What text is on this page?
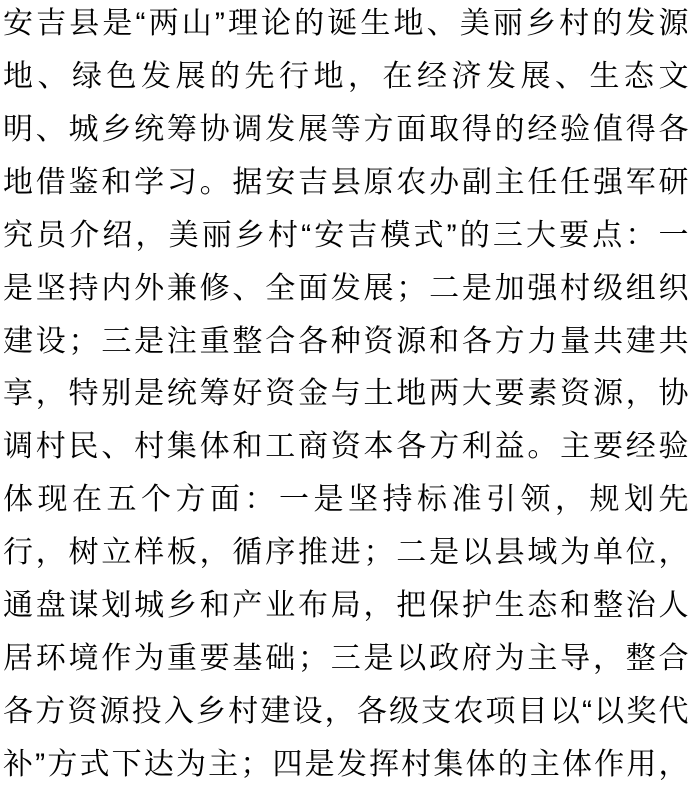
安吉县是“两山”理论的诞生地、美丽乡村的发源
地、绿色发展的先行地，在经济发展、生态文
明、城乡统筹协调发展等方面取得的经验值得各
地借鉴和学习。据安吉县原农办副主任任强军研
究员介绍，美丽乡村“安吉模式”的三大要点：一
是坚持内外兼修、全面发展；二是加强村级组织
建设；三是注重整合各种资源和各方力量共建共
享，特别是统筹好资金与土地两大要素资源，协
调村民、村集体和工商资本各方利益。主要经验
体现在五个方面：一是坚持标准引领，规划先
行，树立样板，循序推进；二是以县域为单位，
通盘谋划城乡和产业布局，把保护生态和整治人
居环境作为重要基础；三是以政府为主导，整合
各方资源投入乡村建设，各级支农项目以“以奖代
补”方式下达为主；四是发挥村集体的主体作用，
